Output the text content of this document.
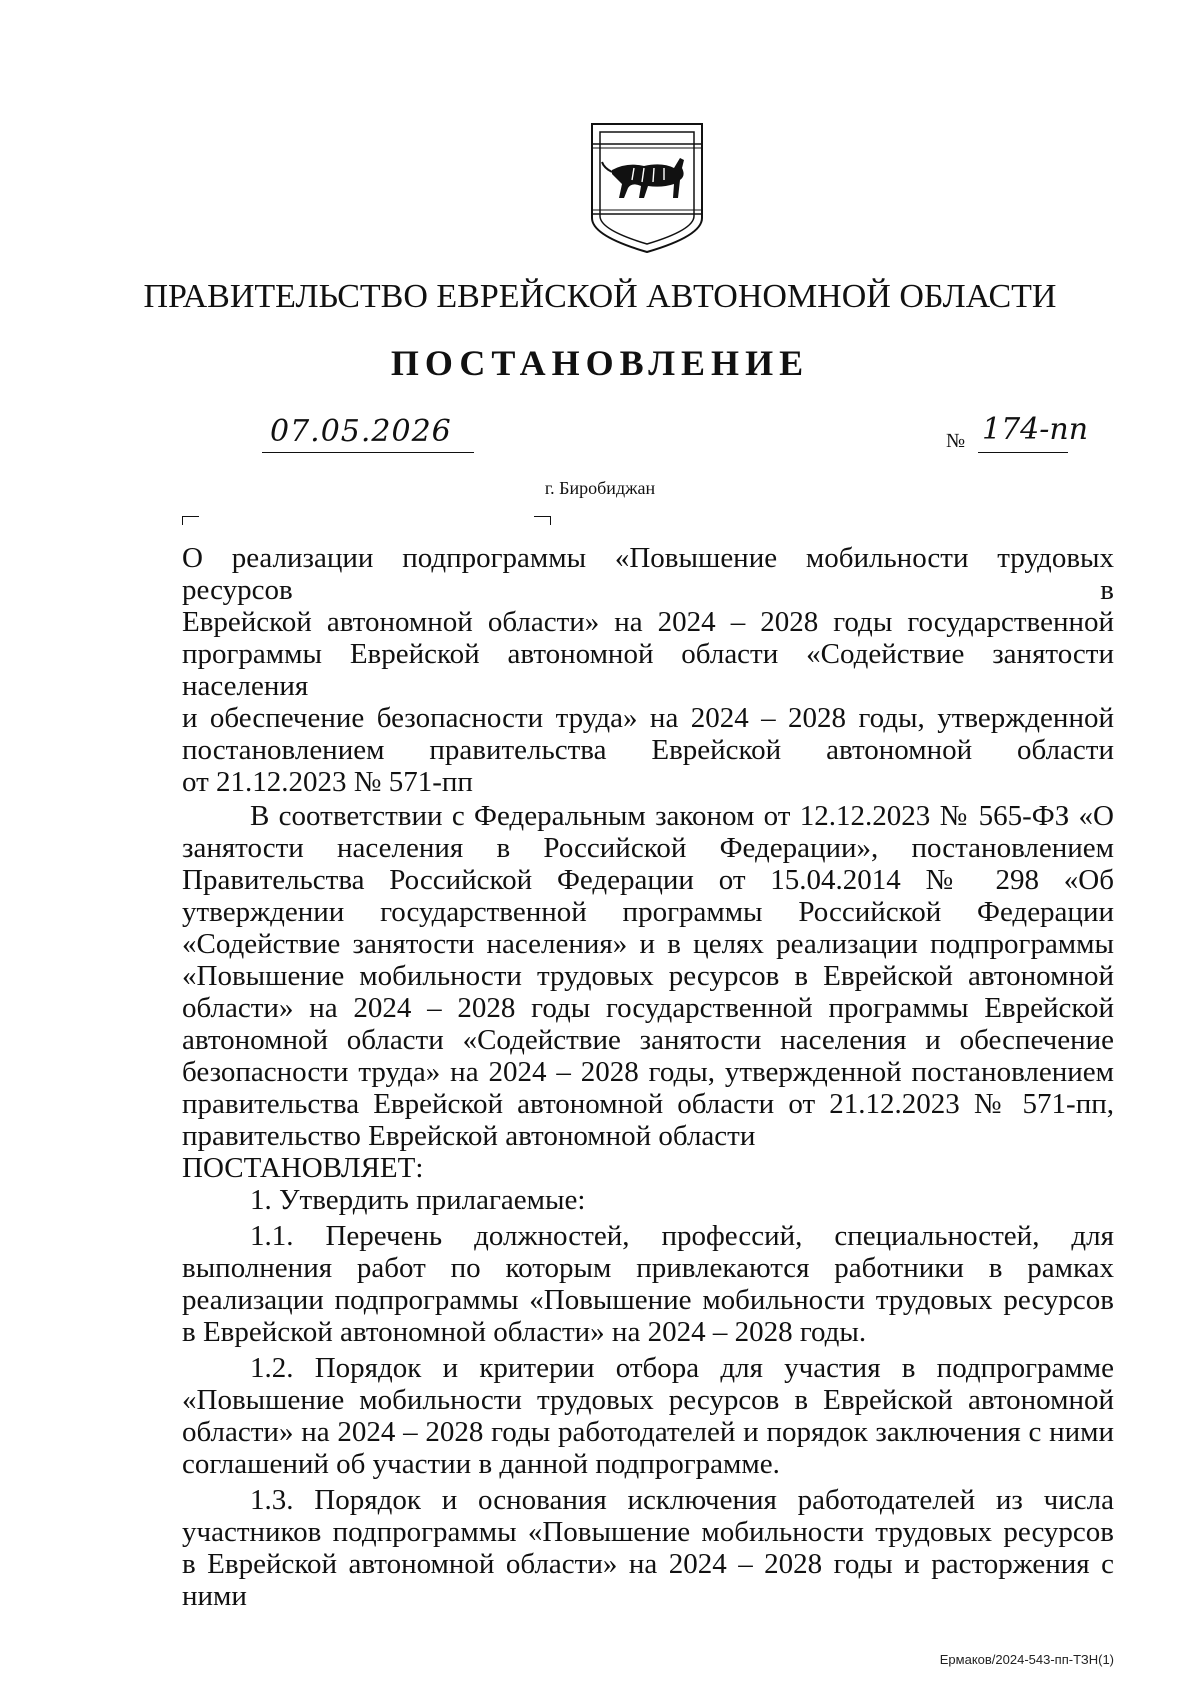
ПРАВИТЕЛЬСТВО ЕВРЕЙСКОЙ АВТОНОМНОЙ ОБЛАСТИ
ПОСТАНОВЛЕНИЕ
07.05.2026	№ 174-пп
г. Биробиджан
О реализации подпрограммы «Повышение мобильности трудовых ресурсов в
Еврейской автономной области» на 2024 – 2028 годы государственной
программы Еврейской автономной области «Содействие занятости населения
и обеспечение безопасности труда» на 2024 – 2028 годы, утвержденной
постановлением правительства Еврейской автономной области
от 21.12.2023 № 571-пп

В соответствии с Федеральным законом от 12.12.2023 № 565-ФЗ «О занятости населения в Российской Федерации», постановлением Правительства Российской Федерации от 15.04.2014 № 298 «Об утверждении государственной программы Российской Федерации «Содействие занятости населения» и в целях реализации подпрограммы «Повышение мобильности трудовых ресурсов в Еврейской автономной области» на 2024 – 2028 годы государственной программы Еврейской автономной области «Содействие занятости населения и обеспечение безопасности труда» на 2024 – 2028 годы, утвержденной постановлением правительства Еврейской автономной области от 21.12.2023 № 571-пп, правительство Еврейской автономной области

ПОСТАНОВЛЯЕТ:

1. Утвердить прилагаемые:

1.1. Перечень должностей, профессий, специальностей, для выполнения работ по которым привлекаются работники в рамках реализации подпрограммы «Повышение мобильности трудовых ресурсов в Еврейской автономной области» на 2024 – 2028 годы.

1.2. Порядок и критерии отбора для участия в подпрограмме «Повышение мобильности трудовых ресурсов в Еврейской автономной области» на 2024 – 2028 годы работодателей и порядок заключения с ними соглашений об участии в данной подпрограмме.

1.3. Порядок и основания исключения работодателей из числа участников подпрограммы «Повышение мобильности трудовых ресурсов в Еврейской автономной области» на 2024 – 2028 годы и расторжения с ними

Ермаков/2024-543-пп-ТЗН(1)
